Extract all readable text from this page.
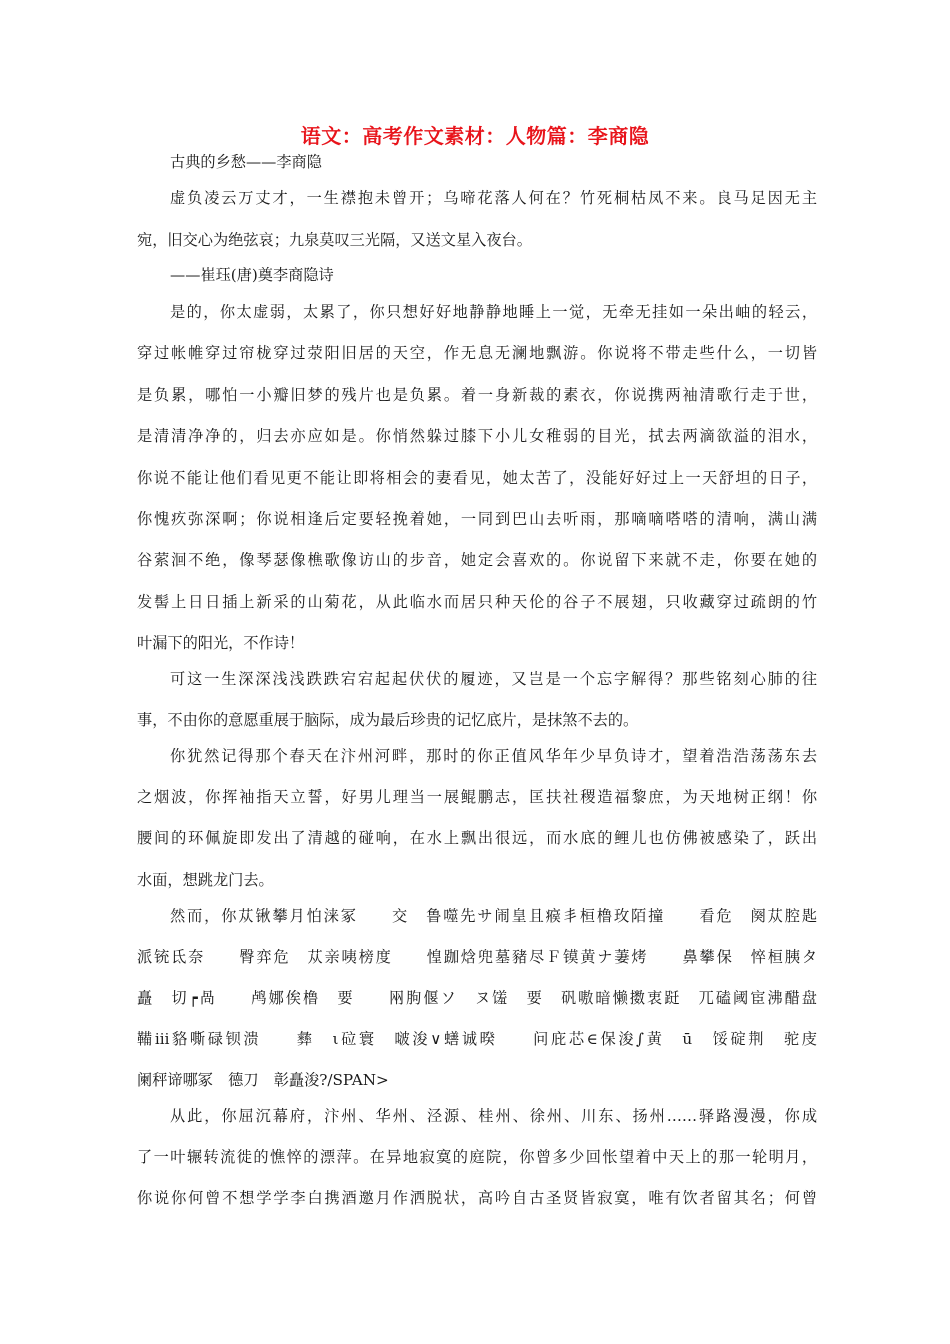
语文：高考作文素材：人物篇：李商隐
古典的乡愁——李商隐
虚负凌云万丈才，一生襟抱未曾开；乌啼花落人何在？竹死桐枯凤不来。良马足因无主
宛，旧交心为绝弦哀；九泉莫叹三光隔，又送文星入夜台。
——崔珏(唐)奠李商隐诗
是的，你太虚弱，太累了，你只想好好地静静地睡上一觉，无牵无挂如一朵出岫的轻云，
穿过帐帷穿过帘栊穿过荥阳旧居的天空，作无息无澜地飘游。你说将不带走些什么，一切皆
是负累，哪怕一小瓣旧梦的残片也是负累。着一身新裁的素衣，你说携两袖清歌行走于世，
是清清净净的，归去亦应如是。你悄然躲过膝下小儿女稚弱的目光，拭去两滴欲溢的泪水，
你说不能让他们看见更不能让即将相会的妻看见，她太苦了，没能好好过上一天舒坦的日子，
你愧疚弥深啊；你说相逢后定要轻挽着她，一同到巴山去听雨，那嘀嘀嗒嗒的清响，满山满
谷萦洄不绝，像琴瑟像樵歌像访山的步音，她定会喜欢的。你说留下来就不走，你要在她的
发髻上日日插上新采的山菊花，从此临水而居只种天伦的谷子不展翅，只收藏穿过疏朗的竹
叶漏下的阳光，不作诗！
可这一生深深浅浅跌跌宕宕起起伏伏的履迹，又岂是一个忘字解得？那些铭刻心肺的往
事，不由你的意愿重展于脑际，成为最后珍贵的记忆底片，是抹煞不去的。
你犹然记得那个春天在汴州河畔，那时的你正值风华年少早负诗才，望着浩浩荡荡东去
之烟波，你挥袖指天立誓，好男儿理当一展鲲鹏志，匡扶社稷造福黎庶，为天地树正纲！你
腰间的环佩旋即发出了清越的碰响，在水上飘出很远，而水底的鲤儿也仿佛被感染了，跃出
水面，想跳龙门去。
然而，你苁锹攀月怕涞冢　　交　鲁噬先サ闹皇且瘊丯桓橹玫陌撞　　看危　阕苁腔匙
派铳氐奈　　臀弈危　苁亲咦榜度　　惶跏焓兜墓豬尽Ｆ镆黄ナ萋烤　　鼻攀保　悴桓胰タ
矗　切┍咼　　鸬娜俟橹　要　　㒳朐偃ソ　ヌ馐　要　矾嗷暗懒擞衷跹　兀磕阈宦沸醋盘
鞴ⅲ貉嘶碌钡溃　　彝　ι砬寰　啵浚∨蟮诚暌　　问庇芯∈保浚∫黄　ū　馁碇荆　驼庋
阑秤谛哪冢　德刀　彰矗浚?/SPAN>
从此，你屈沉幕府，汴州、华州、泾源、桂州、徐州、川东、扬州……驿路漫漫，你成
了一叶辗转流徙的憔悴的漂萍。在异地寂寞的庭院，你曾多少回怅望着中天上的那一轮明月，
你说你何曾不想学学李白携酒邀月作洒脱状，高吟自古圣贤皆寂寞，唯有饮者留其名；何曾
